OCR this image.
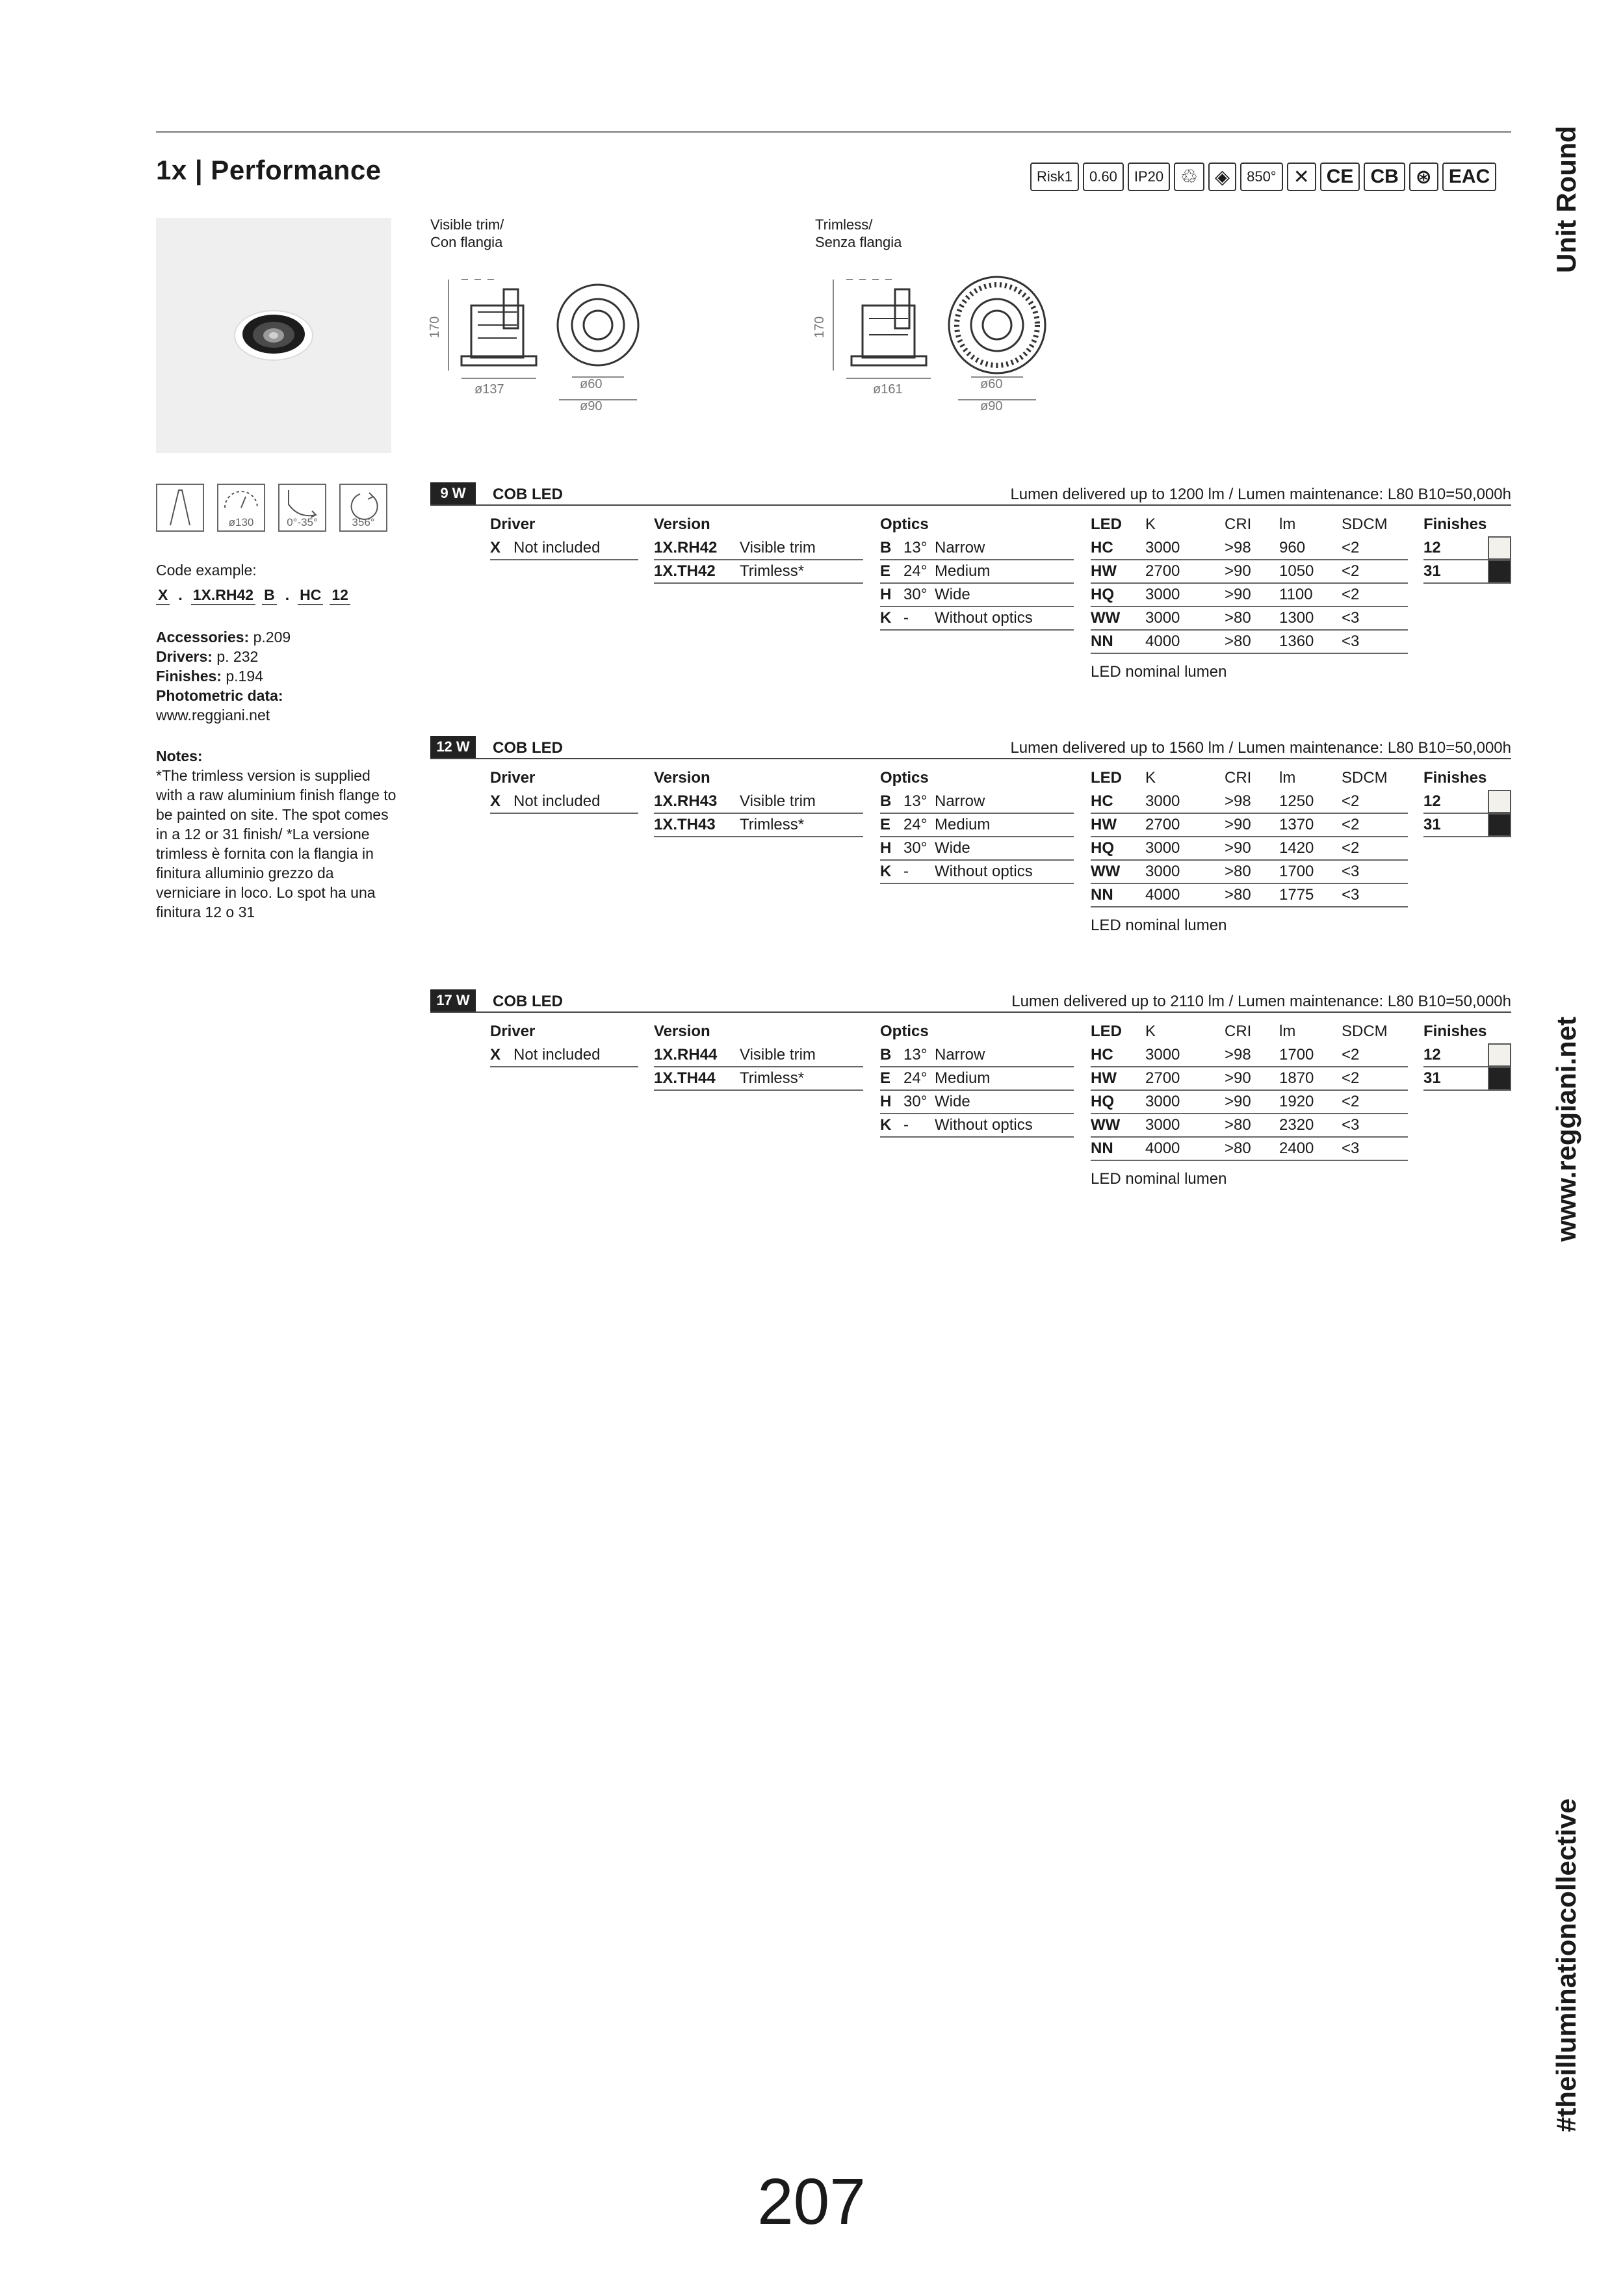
1x | Performance	Risk1	0.60	IP20 ♲ ◈	850° ✕ CE CB ⊛ EAC Unit Round
www.reggiani.net
#theilluminationcollective
Visible trim/
Con flangia
170
ø137	ø60
ø90
Trimless/
Senza flangia
170
ø161	ø60
ø90
ø130	0°-35°	356°
Code example:
X . 1X.RH42 B . HC 12
Accessories: p.209
Drivers: p. 232
Finishes: p.194
Photometric data:
www.reggiani.net
Notes:
*The trimless version is supplied with a raw aluminium finish flange to be painted on site. The spot comes in a 12 or 31 finish/ *La versione trimless è fornita con la flangia in finitura alluminio grezzo da verniciare in loco. Lo spot ha una finitura 12 o 31
9 W	COB LED	Lumen delivered up to 1200 lm / Lumen maintenance: L80 B10=50,000h
Driver
X Not included
Version
1X.RH42	Visible trim
1X.TH42	Trimless*
Optics
B 13° Narrow
E 24° Medium
H 30° Wide
K -	Without optics
LED	K	CRI	lm	SDCM
HC	3000	>98	960	<2
HW	2700	>90	1050	<2
HQ	3000	>90	1100	<2
WW	3000	>80	1300	<3
NN	4000	>80	1360	<3
LED nominal lumen
Finishes
12
31
12 W	COB LED	Lumen delivered up to 1560 lm / Lumen maintenance: L80 B10=50,000h
Driver
X Not included
Version
1X.RH43	Visible trim
1X.TH43	Trimless*
Optics
B 13° Narrow
E 24° Medium
H 30° Wide
K -	Without optics
LED	K	CRI	lm	SDCM
HC	3000	>98	1250	<2
HW	2700	>90	1370	<2
HQ	3000	>90	1420	<2
WW	3000	>80	1700	<3
NN	4000	>80	1775	<3
LED nominal lumen
Finishes
12
31
17 W	COB LED	Lumen delivered up to 2110 lm / Lumen maintenance: L80 B10=50,000h
Driver
X Not included
Version
1X.RH44	Visible trim
1X.TH44	Trimless*
Optics
B 13° Narrow
E 24° Medium
H 30° Wide
K -	Without optics
LED	K	CRI	lm	SDCM
HC	3000	>98	1700	<2
HW	2700	>90	1870	<2
HQ	3000	>90	1920	<2
WW	3000	>80	2320	<3
NN	4000	>80	2400	<3
LED nominal lumen
Finishes
12
31
207
